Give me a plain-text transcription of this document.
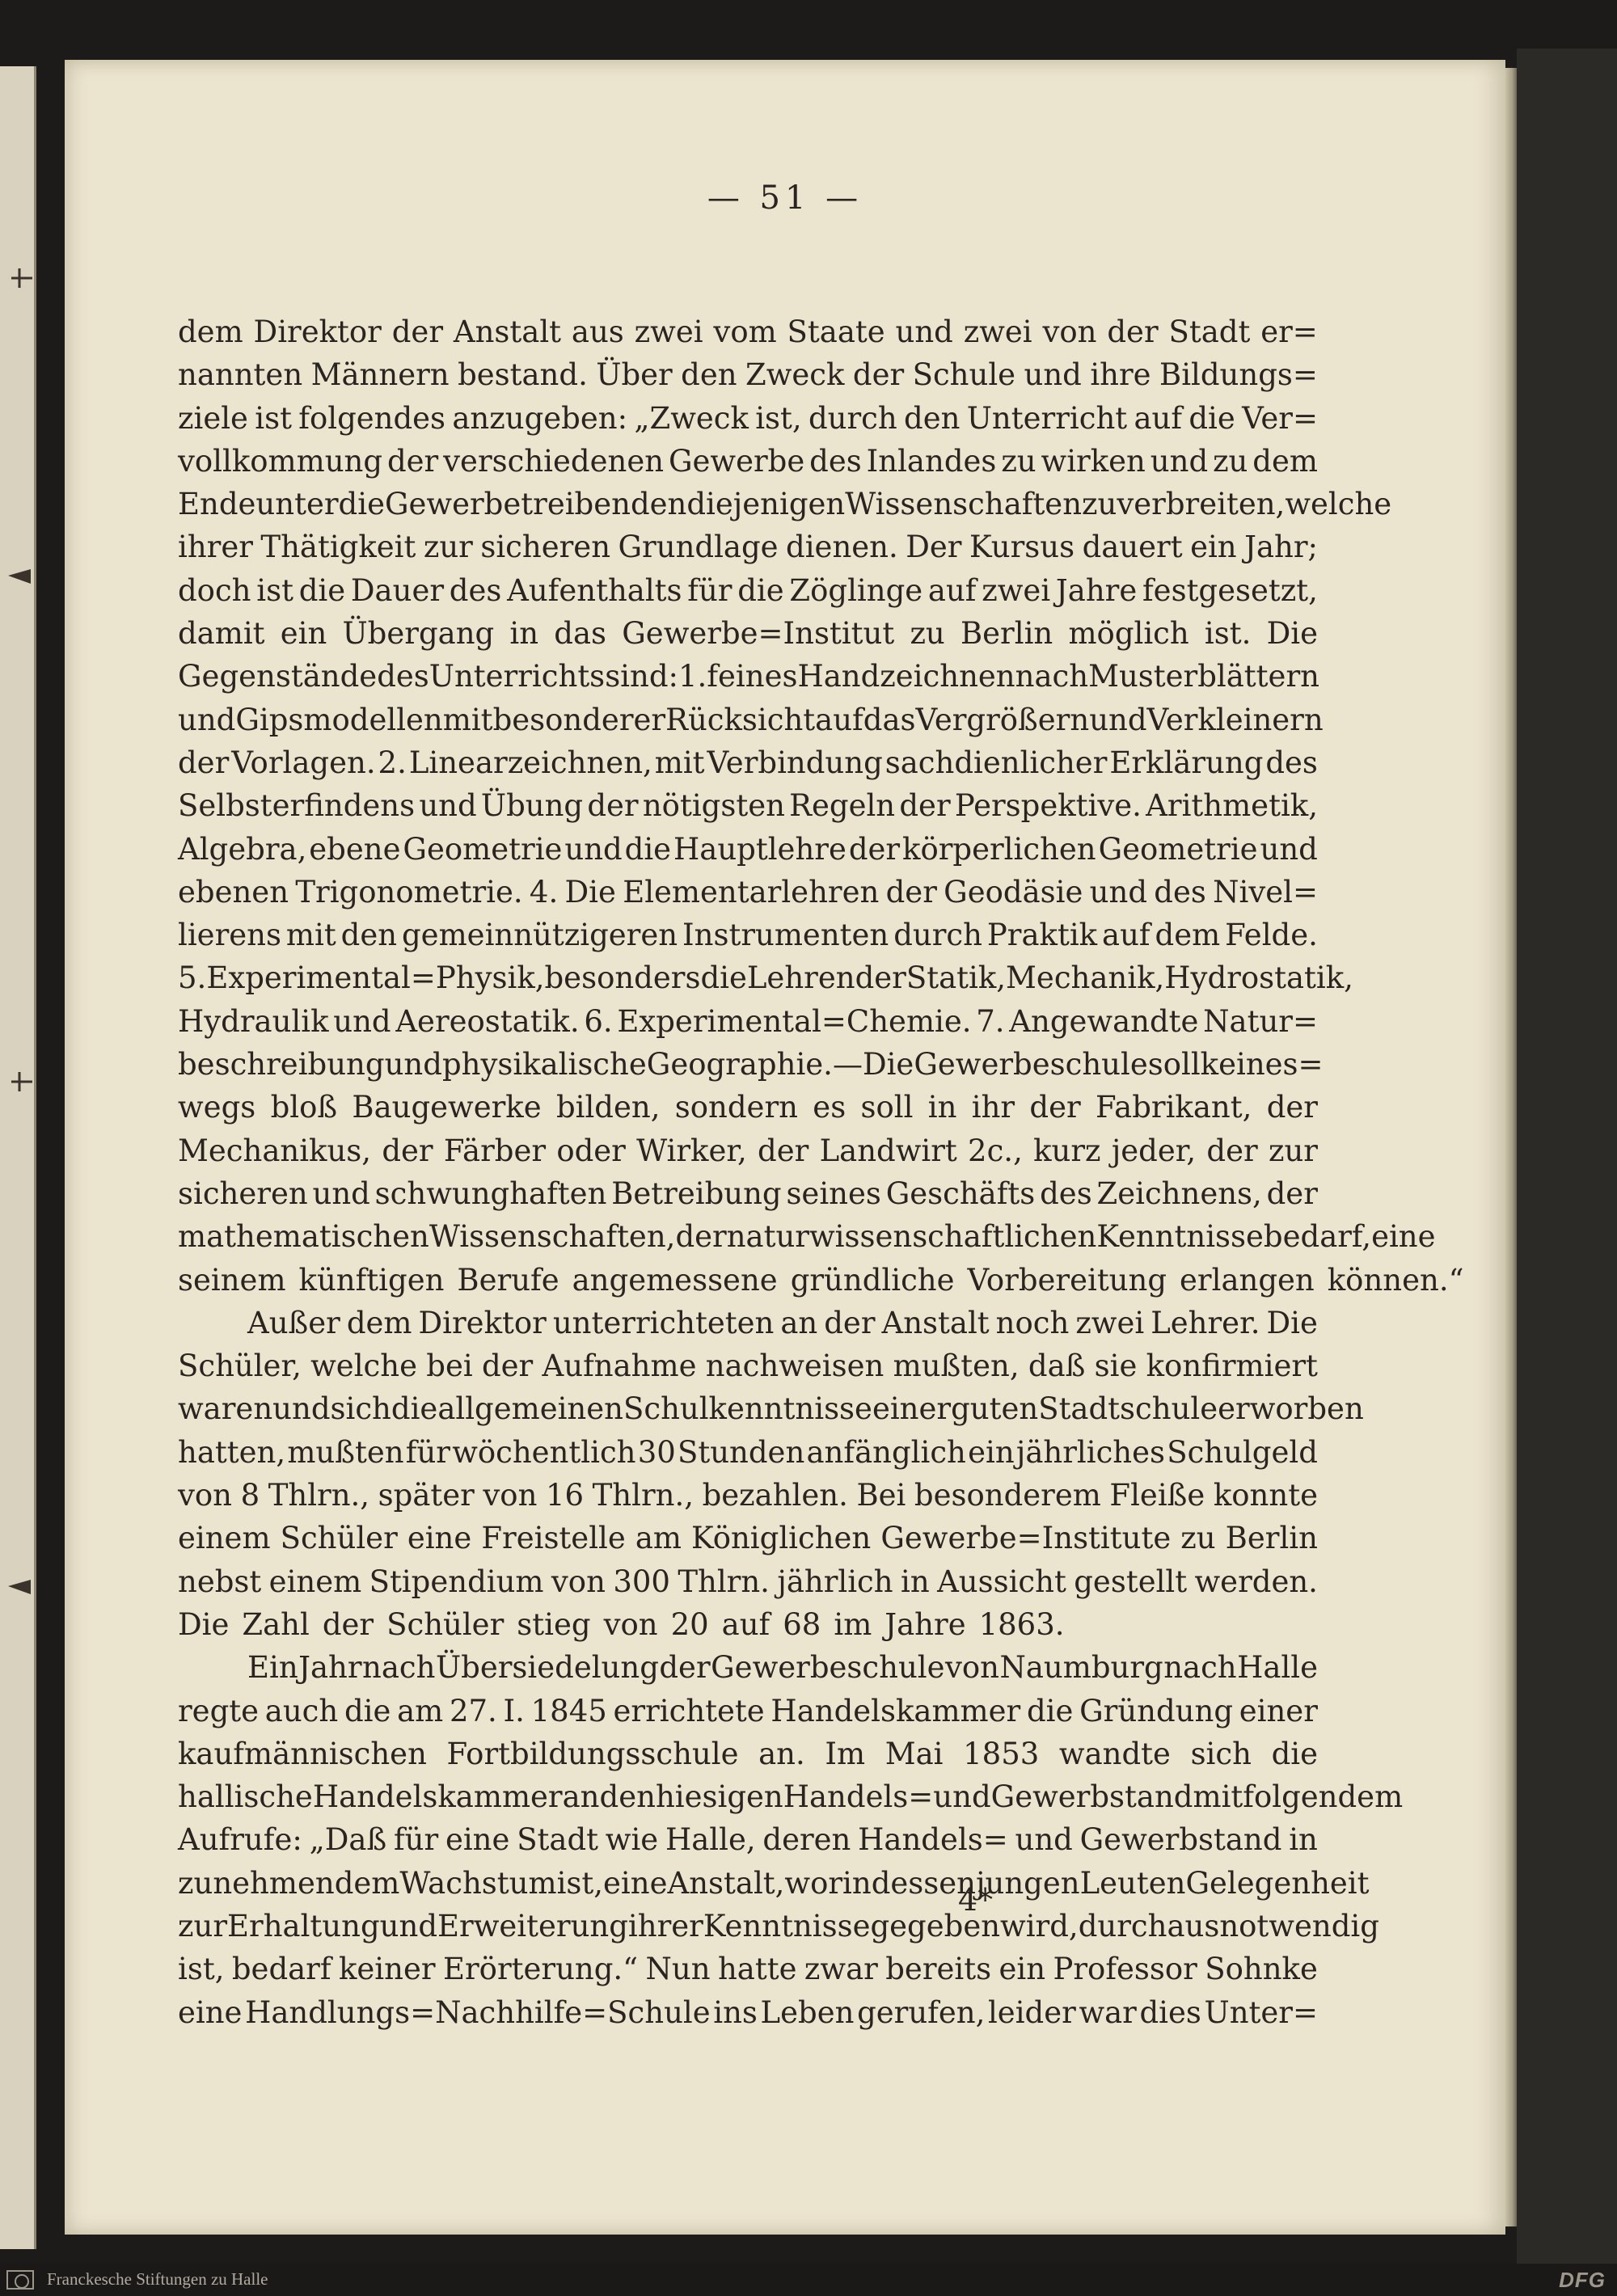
— 51 —
dem Direktor der Anstalt aus zwei vom Staate und zwei von der Stadt er=
nannten Männern bestand. Über den Zweck der Schule und ihre Bildungs=
ziele ist folgendes anzugeben: „Zweck ist, durch den Unterricht auf die Ver=
vollkommung der verschiedenen Gewerbe des Inlandes zu wirken und zu dem
Ende unter die Gewerbetreibenden diejenigen Wissenschaften zu verbreiten, welche
ihrer Thätigkeit zur sicheren Grundlage dienen. Der Kursus dauert ein Jahr;
doch ist die Dauer des Aufenthalts für die Zöglinge auf zwei Jahre festgesetzt,
damit ein Übergang in das Gewerbe=Institut zu Berlin möglich ist. Die
Gegenstände des Unterrichts sind: 1. feines Handzeichnen nach Musterblättern
und Gipsmodellen mit besonderer Rücksicht auf das Vergrößern und Verkleinern
der Vorlagen. 2. Linearzeichnen, mit Verbindung sachdienlicher Erklärung des
Selbsterfindens und Übung der nötigsten Regeln der Perspektive. Arithmetik,
Algebra, ebene Geometrie und die Hauptlehre der körperlichen Geometrie und
ebenen Trigonometrie. 4. Die Elementarlehren der Geodäsie und des Nivel=
lierens mit den gemeinnützigeren Instrumenten durch Praktik auf dem Felde.
5. Experimental=Physik, besonders die Lehren der Statik, Mechanik, Hydrostatik,
Hydraulik und Aereostatik. 6. Experimental=Chemie. 7. Angewandte Natur=
beschreibung und physikalische Geographie. — Die Gewerbeschule soll keines=
wegs bloß Baugewerke bilden, sondern es soll in ihr der Fabrikant, der
Mechanikus, der Färber oder Wirker, der Landwirt 2c., kurz jeder, der zur
sicheren und schwunghaften Betreibung seines Geschäfts des Zeichnens, der
mathematischen Wissenschaften, der naturwissenschaftlichen Kenntnisse bedarf, eine
seinem künftigen Berufe angemessene gründliche Vorbereitung erlangen können.“
Außer dem Direktor unterrichteten an der Anstalt noch zwei Lehrer. Die
Schüler, welche bei der Aufnahme nachweisen mußten, daß sie konfirmiert
waren und sich die allgemeinen Schulkenntnisse einer guten Stadtschule erworben
hatten, mußten für wöchentlich 30 Stunden anfänglich ein jährliches Schulgeld
von 8 Thlrn., später von 16 Thlrn., bezahlen. Bei besonderem Fleiße konnte
einem Schüler eine Freistelle am Königlichen Gewerbe=Institute zu Berlin
nebst einem Stipendium von 300 Thlrn. jährlich in Aussicht gestellt werden.
Die Zahl der Schüler stieg von 20 auf 68 im Jahre 1863.
Ein Jahr nach Übersiedelung der Gewerbeschule von Naumburg nach Halle
regte auch die am 27. I. 1845 errichtete Handelskammer die Gründung einer
kaufmännischen Fortbildungsschule an. Im Mai 1853 wandte sich die
hallische Handelskammer an den hiesigen Handels= und Gewerbstand mit folgendem
Aufrufe: „Daß für eine Stadt wie Halle, deren Handels= und Gewerbstand in
zunehmendem Wachstum ist, eine Anstalt, worin dessen jungen Leuten Gelegenheit
zur Erhaltung und Erweiterung ihrer Kenntnisse gegeben wird, durchaus notwendig
ist, bedarf keiner Erörterung.“ Nun hatte zwar bereits ein Professor Sohnke
eine Handlungs=Nachhilfe=Schule ins Leben gerufen, leider war dies Unter=
4*
Franckesche Stiftungen zu Halle	DFG
